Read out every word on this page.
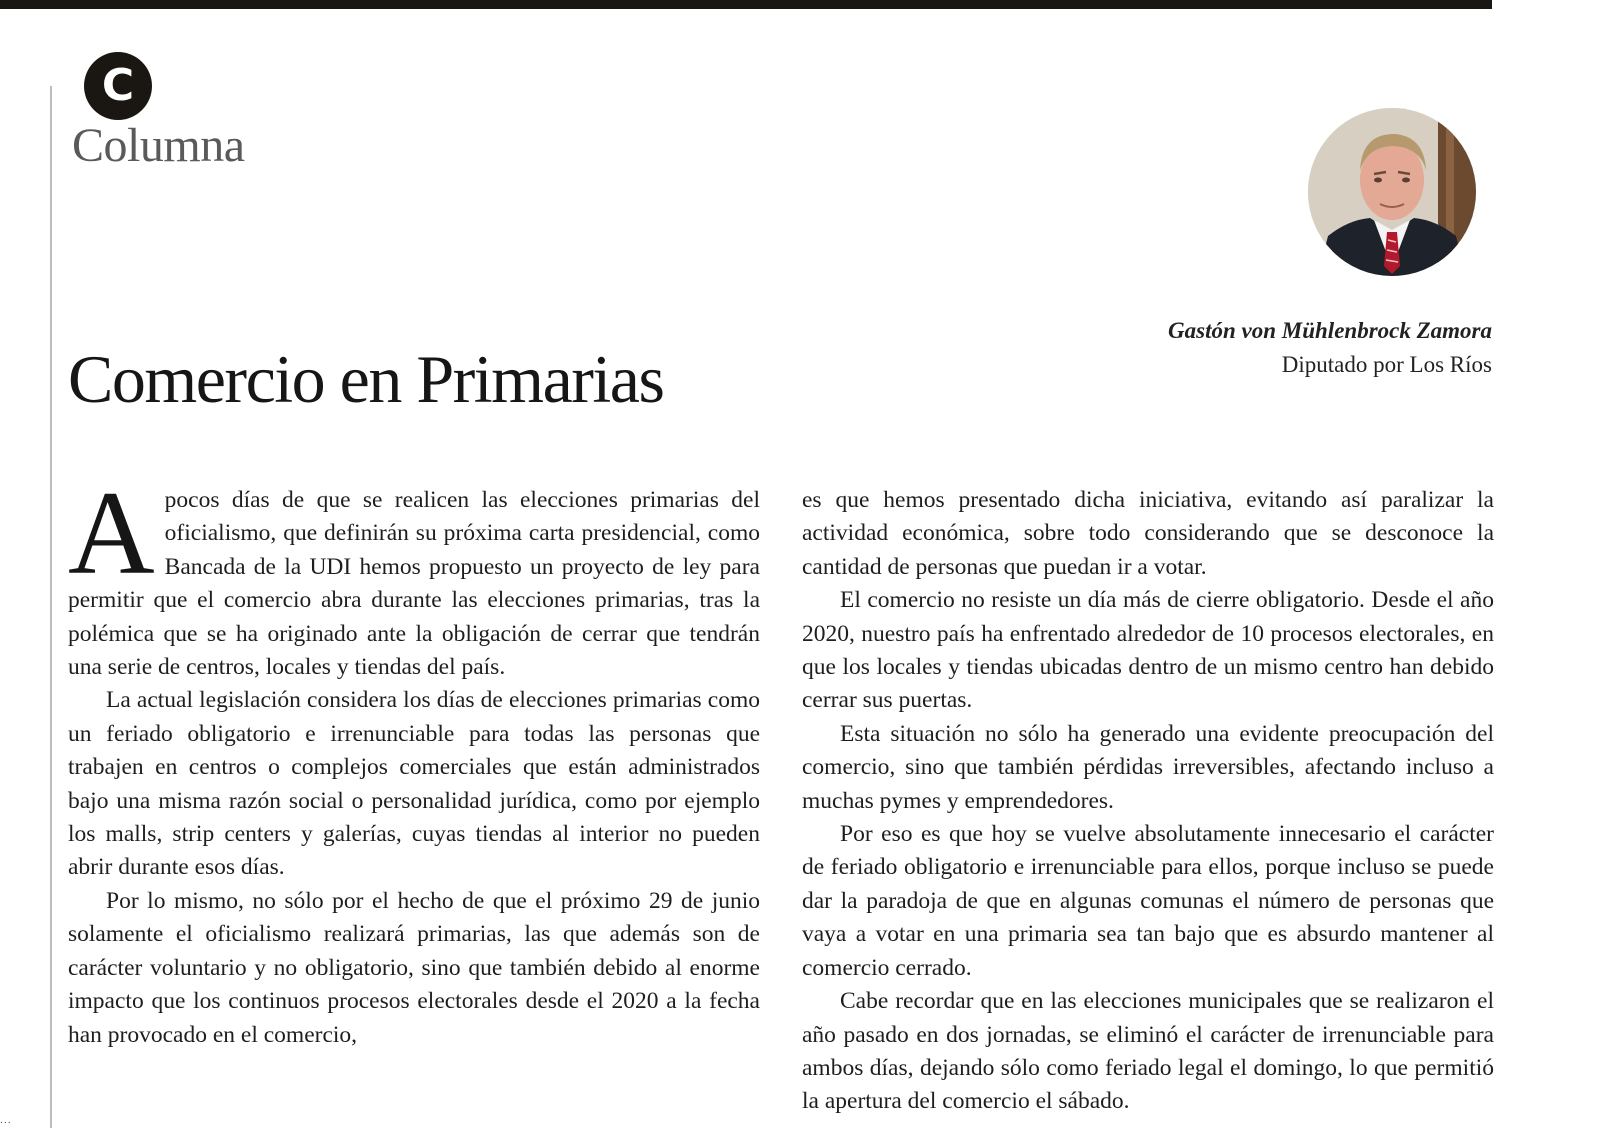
...
C
Columna
Gastón von Mühlenbrock Zamora
Diputado por Los Ríos
Comercio en Primarias

Apocos días de que se realicen las elecciones primarias del oficialismo, que definirán su próxima carta presidencial, como Bancada de la UDI hemos propuesto un proyecto de ley para permitir que el comercio abra durante las elecciones primarias, tras la polémica que se ha originado ante la obligación de cerrar que tendrán una serie de centros, locales y tiendas del país.

La actual legislación considera los días de elecciones primarias como un feriado obligatorio e irrenunciable para todas las personas que trabajen en centros o complejos comerciales que están administrados bajo una misma razón social o personalidad jurídica, como por ejemplo los malls, strip centers y galerías, cuyas tiendas al interior no pueden abrir durante esos días.

Por lo mismo, no sólo por el hecho de que el próximo 29 de junio solamente el oficialismo realizará primarias, las que además son de carácter voluntario y no obligatorio, sino que también debido al enorme impacto que los continuos procesos electorales desde el 2020 a la fecha han provocado en el comercio,

es que hemos presentado dicha iniciativa, evitando así paralizar la actividad económica, sobre todo considerando que se desconoce la cantidad de personas que puedan ir a votar.

El comercio no resiste un día más de cierre obligatorio. Desde el año 2020, nuestro país ha enfrentado alrededor de 10 procesos electorales, en que los locales y tiendas ubicadas dentro de un mismo centro han debido cerrar sus puertas.

Esta situación no sólo ha generado una evidente preocupación del comercio, sino que también pérdidas irreversibles, afectando incluso a muchas pymes y emprendedores.

Por eso es que hoy se vuelve absolutamente innecesario el carácter de feriado obligatorio e irrenunciable para ellos, porque incluso se puede dar la paradoja de que en algunas comunas el número de personas que vaya a votar en una primaria sea tan bajo que es absurdo mantener al comercio cerrado.

Cabe recordar que en las elecciones municipales que se realizaron el año pasado en dos jornadas, se eliminó el carácter de irrenunciable para ambos días, dejando sólo como feriado legal el domingo, lo que permitió la apertura del comercio el sábado.
